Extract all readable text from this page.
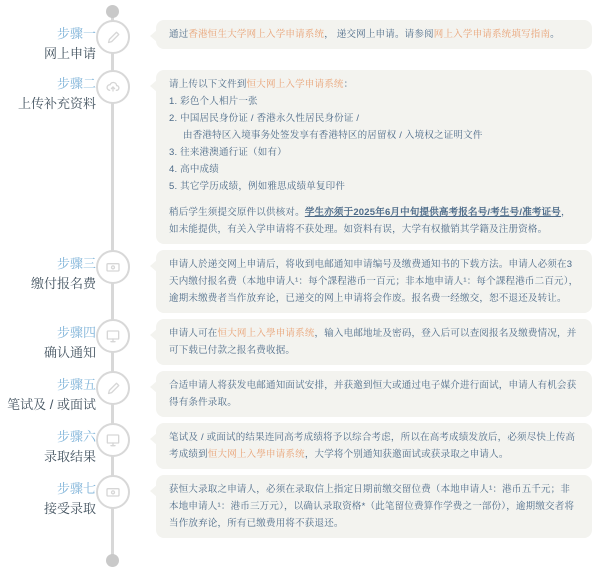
步骤一
网上申请
通过香港恒生大学网上入学申请系统， 递交网上申请。请参阅网上入学申请系统填写指南。
步骤二
上传补充资料
请上传以下文件到恒大网上入学申请系统：
1. 彩色个人相片一张
2. 中国居民身份证 / 香港永久性居民身份证 /
由香港特区入境事务处签发享有香港特区的居留权 / 入境权之证明文件
3. 往来港澳通行证（如有）
4. 高中成绩
5. 其它学历成绩，例如雅思成绩单复印件
稍后学生须提交原件以供核对。学生亦须于2025年6月中旬提供高考报名号/考生号/准考证号，如未能提供，有关入学申请将不获处理。如资料有误，大学有权撤销其学籍及注册资格。
步骤三
缴付报名费
申请人於递交网上申请后，将收到电邮通知申请编号及缴费通知书的下载方法。申请人必须在3天内缴付报名费（本地申请人¹：每个課程港币一百元；非本地申请人¹：每个課程港币二百元），逾期未缴费者当作放弃论，已递交的网上申请将会作废。报名费一经缴交，恕不退还及转让。
步骤四
确认通知
申请人可在恒大网上入學申请系统，输入电邮地址及密码，登入后可以查阅报名及缴费情况，并可下载已付款之报名费收据。
步骤五
笔试及 / 或面试
合适申请人将获发电邮通知面试安排，并获邀到恒大或通过电子媒介进行面试，申请人有机会获得有条件录取。
步骤六
录取结果
笔试及 / 或面试的结果连同高考成绩将予以综合考虑，所以在高考成绩发放后，必须尽快上传高考成绩到恒大网上入學申请系统，大学将个别通知获邀面试或获录取之申请人。
步骤七
接受录取
获恒大录取之申请人，必须在录取信上指定日期前缴交留位费（本地申请人¹：港币五千元；非本地申请人¹：港币三万元），以确认录取资格*（此笔留位费算作学费之一部份），逾期缴交者将当作放弃论，所有已缴费用将不获退还。
